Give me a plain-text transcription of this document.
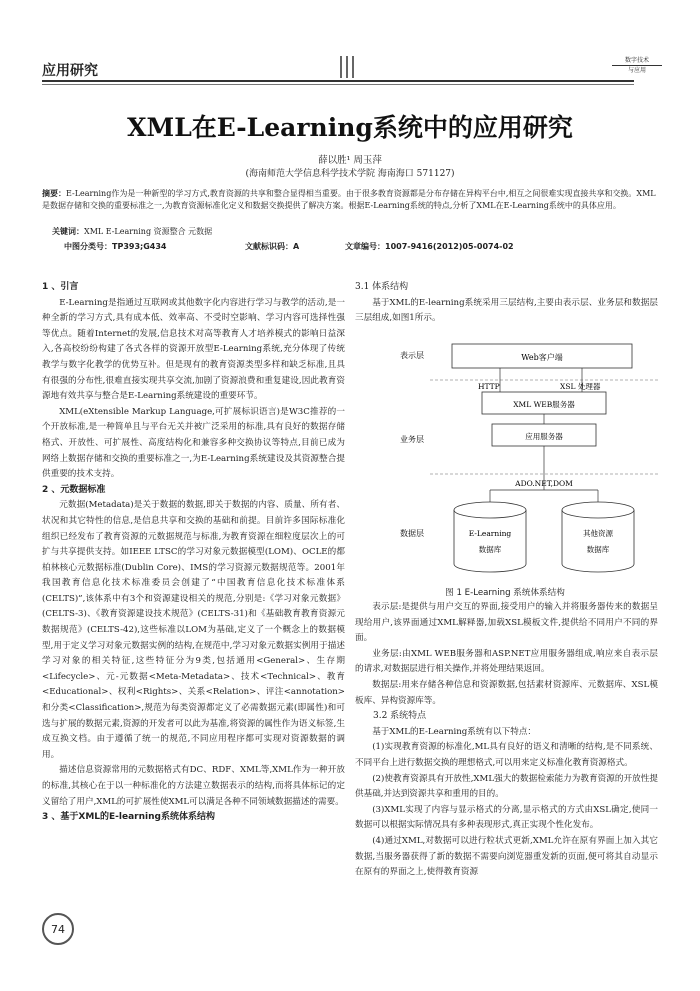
应用研究
数字技术
与应用
XML在E-Learning系统中的应用研究
薛以胜¹ 周玉萍
(海南师范大学信息科学技术学院 海南海口 571127)
摘要：E-Learning作为是一种新型的学习方式,教育资源的共享和整合显得相当重要。由于很多教育资源都是分布存储在异构平台中,相互之间很难实现直接共享和交换。XML是数据存储和交换的重要标准之一,为教育资源标准化定义和数据交换提供了解决方案。根据E-Learning系统的特点,分析了XML在E-Learning系统中的具体应用。
关键词：XML E-Learning 资源整合 元数据
中图分类号：TP393;G434	文献标识码：A	文章编号：1007-9416(2012)05-0074-02
1 、引言

E-Learning是指通过互联网或其他数字化内容进行学习与教学的活动,是一种全新的学习方式,具有成本低、效率高、不受时空影响、学习内容可选择性强等优点。随着Internet的发展,信息技术对高等教育人才培养模式的影响日益深入,各高校纷纷构建了各式各样的资源开放型E-Learning系统,充分体现了传统教学与数字化教学的优势互补。但是现有的教育资源类型多样和缺乏标准,且具有很强的分布性,很难直接实现共享交流,加剧了资源浪费和重复建设,因此教育资源地有效共享与整合是E-Learning系统建设的重要环节。

XML(eXtensible Markup Language,可扩展标识语言)是W3C推荐的一个开放标准,是一种简单且与平台无关并被广泛采用的标准,具有良好的数据存储格式、开放性、可扩展性、高度结构化和兼容多种交换协议等特点,目前已成为网络上数据存储和交换的重要标准之一,为E-Learning系统建设及其资源整合提供重要的技术支持。

2 、元数据标准

元数据(Metadata)是关于数据的数据,即关于数据的内容、质量、所有者、状况和其它特性的信息,是信息共享和交换的基础和前提。目前许多国际标准化组织已经发布了教育资源的元数据规范与标准,为教育资源在细粒度层次上的可扩与共享提供支持。如IEEE LTSC的学习对象元数据模型(LOM)、OCLE的都柏林核心元数据标准(Dublin Core)、IMS的学习资源元数据规范等。2001年我国教育信息化技术标准委员会创建了“中国教育信息化技术标准体系(CELTS)”,该体系中有3个和资源建设相关的规范,分别是:《学习对象元数据》(CELTS-3)、《教育资源建设技术规范》(CELTS-31)和《基础教育教育资源元数据规范》(CELTS-42),这些标准以LOM为基础,定义了一个概念上的数据模型,用于定义学习对象元数据实例的结构,在规范中,学习对象元数据实例用于描述学习对象的相关特征,这些特征分为9类,包括通用<General>、生存期<Lifecycle>、元-元数据<Meta-Metadata>、技术<Technical>、教育<Educational>、权利<Rights>、关系<Relation>、评注<annotation>和分类<Classification>,规范为每类资源都定义了必需数据元素(即属性)和可选与扩展的数据元素,资源的开发者可以此为基准,将资源的属性作为语义标签,生成互换文档。由于遵循了统一的规范,不同应用程序都可实现对资源数据的调用。

描述信息资源常用的元数据格式有DC、RDF、XML等,XML作为一种开放的标准,其核心在于以一种标准化的方法建立数据表示的结构,而将具体标记的定义留给了用户,XML的可扩展性使XML可以满足各种不同领域数据描述的需要。

3 、基于XML的E-learning系统体系结构
74
3.1 体系结构

基于XML的E-learning系统采用三层结构,主要由表示层、业务层和数据层三层组成,如图1所示。

表示层
业务层
数据层
Web客户端
HTTP	XSL 处理器
XML WEB服务器
应用服务器
ADO.NET,DOM
E-Learning
数据库
其他资源
数据库
图 1 E-Learning 系统体系结构

表示层:是提供与用户交互的界面,接受用户的输入并将服务器传来的数据呈现给用户,该界面通过XML解释器,加载XSL模板文件,提供给不同用户不同的界面。

业务层:由XML WEB服务器和ASP.NET应用服务器组成,响应来自表示层的请求,对数据层进行相关操作,并将处理结果返回。

数据层:用来存储各种信息和资源数据,包括素材资源库、元数据库、XSL模板库、异构资源库等。

3.2 系统特点

基于XML的E-Learning系统有以下特点：

(1)实现教育资源的标准化,ML具有良好的语义和清晰的结构,是不同系统、不同平台上进行数据交换的理想格式,可以用来定义标准化教育资源格式。

(2)使教育资源具有开放性,XML强大的数据检索能力为教育资源的开放性提供基础,并达到资源共享和重用的目的。

(3)XML实现了内容与显示格式的分离,显示格式的方式由XSL确定,使同一数据可以根据实际情况具有多种表现形式,真正实现个性化发布。

(4)通过XML,对数据可以进行粒状式更新,XML允许在原有界面上加入其它数据,当服务器获得了新的数据不需要向浏览器重发新的页面,便可将其自动显示在原有的界面之上,使得教育资源
